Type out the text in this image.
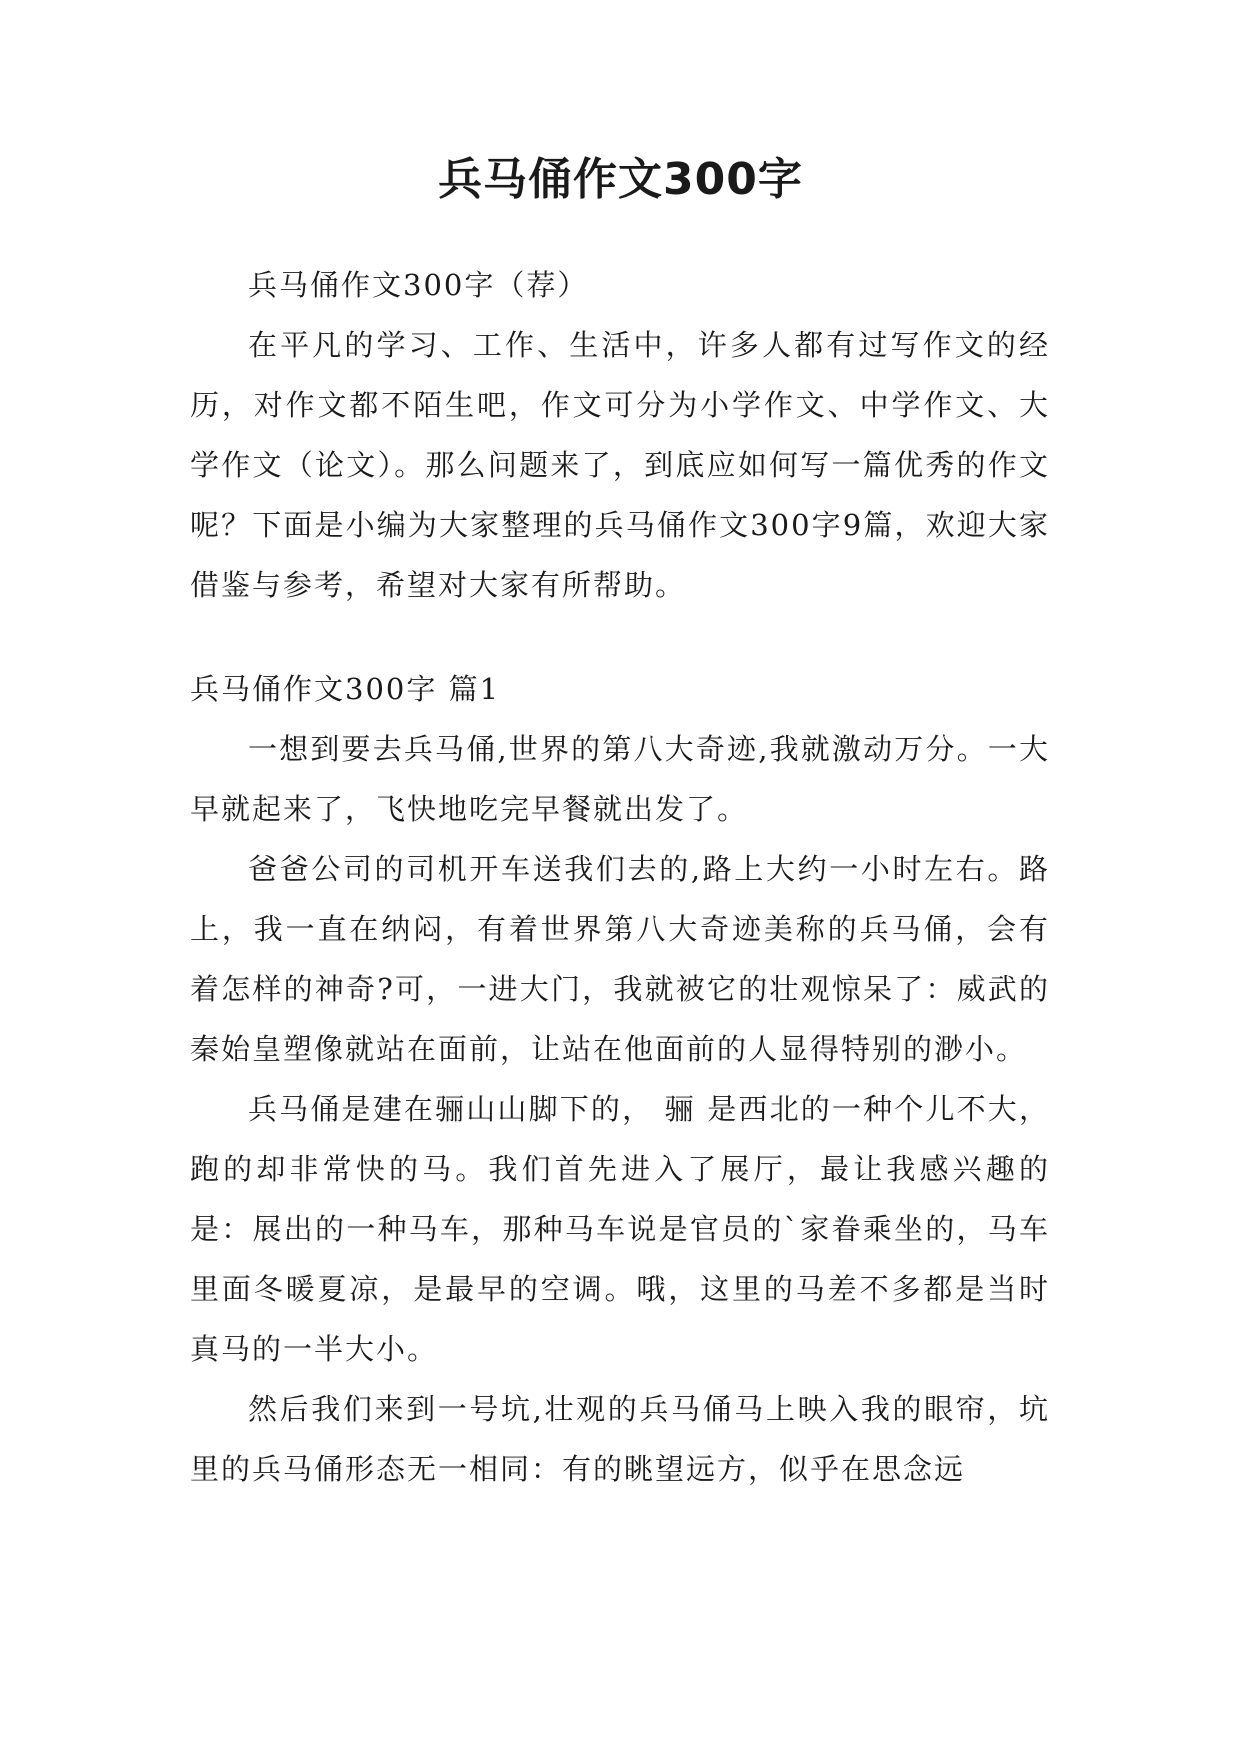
兵马俑作文300字

兵马俑作文300字（荐）

在平凡的学习、工作、生活中，许多人都有过写作文的经历，对作文都不陌生吧，作文可分为小学作文、中学作文、大学作文（论文）。那么问题来了，到底应如何写一篇优秀的作文呢？下面是小编为大家整理的兵马俑作文300字9篇，欢迎大家借鉴与参考，希望对大家有所帮助。

兵马俑作文300字 篇1

一想到要去兵马俑,世界的第八大奇迹,我就激动万分。一大早就起来了，飞快地吃完早餐就出发了。

爸爸公司的司机开车送我们去的,路上大约一小时左右。路上，我一直在纳闷，有着世界第八大奇迹美称的兵马俑，会有着怎样的神奇?可，一进大门，我就被它的壮观惊呆了：威武的秦始皇塑像就站在面前，让站在他面前的人显得特别的渺小。

兵马俑是建在骊山山脚下的， 骊 是西北的一种个儿不大，跑的却非常快的马。我们首先进入了展厅，最让我感兴趣的是：展出的一种马车，那种马车说是官员的`家眷乘坐的，马车里面冬暖夏凉，是最早的空调。哦，这里的马差不多都是当时真马的一半大小。

然后我们来到一号坑,壮观的兵马俑马上映入我的眼帘，坑里的兵马俑形态无一相同：有的眺望远方，似乎在思念远
